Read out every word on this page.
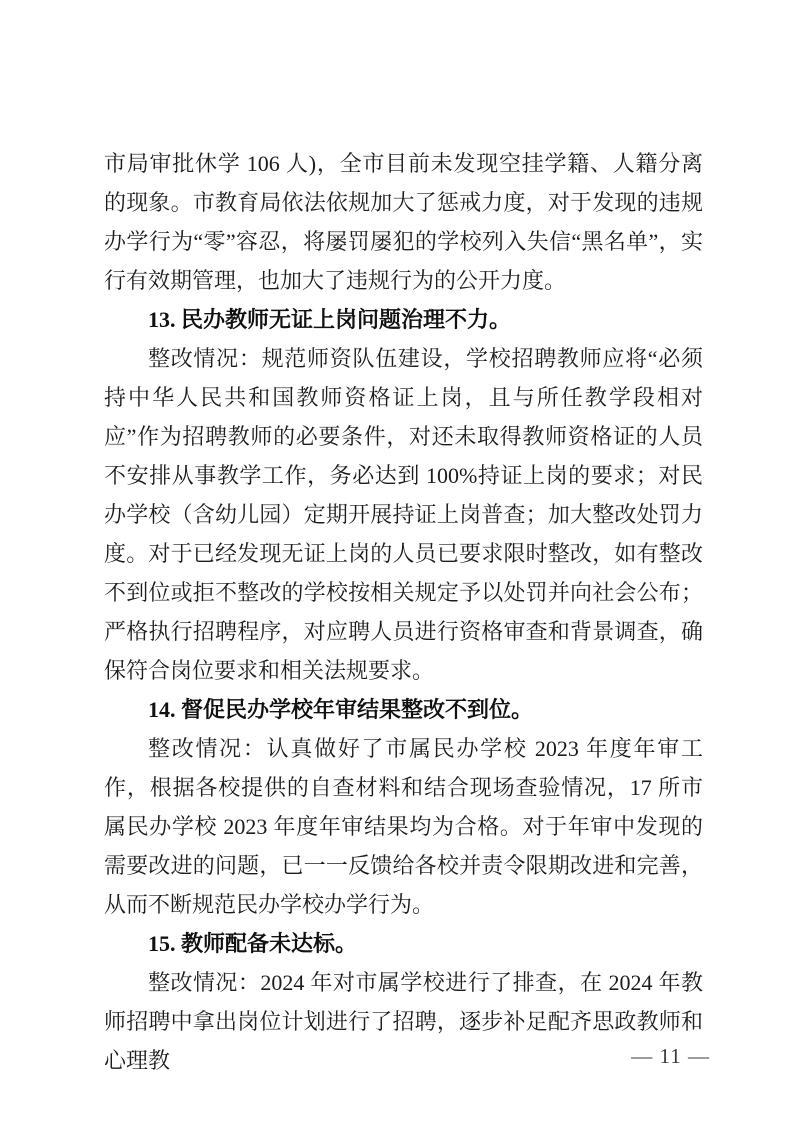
市局审批休学 106 人)，全市目前未发现空挂学籍、人籍分离的现象。市教育局依法依规加大了惩戒力度，对于发现的违规办学行为“零”容忍，将屡罚屡犯的学校列入失信“黑名单”，实行有效期管理，也加大了违规行为的公开力度。

13. 民办教师无证上岗问题治理不力。

整改情况：规范师资队伍建设，学校招聘教师应将“必须持中华人民共和国教师资格证上岗，且与所任教学段相对应”作为招聘教师的必要条件，对还未取得教师资格证的人员不安排从事教学工作，务必达到 100%持证上岗的要求；对民办学校（含幼儿园）定期开展持证上岗普查；加大整改处罚力度。对于已经发现无证上岗的人员已要求限时整改，如有整改不到位或拒不整改的学校按相关规定予以处罚并向社会公布；严格执行招聘程序，对应聘人员进行资格审查和背景调查，确保符合岗位要求和相关法规要求。

14. 督促民办学校年审结果整改不到位。

整改情况：认真做好了市属民办学校 2023 年度年审工作，根据各校提供的自查材料和结合现场查验情况，17 所市属民办学校 2023 年度年审结果均为合格。对于年审中发现的需要改进的问题，已一一反馈给各校并责令限期改进和完善，从而不断规范民办学校办学行为。

15. 教师配备未达标。

整改情况：2024 年对市属学校进行了排查，在 2024 年教师招聘中拿出岗位计划进行了招聘，逐步补足配齐思政教师和心理教	— 11 —
